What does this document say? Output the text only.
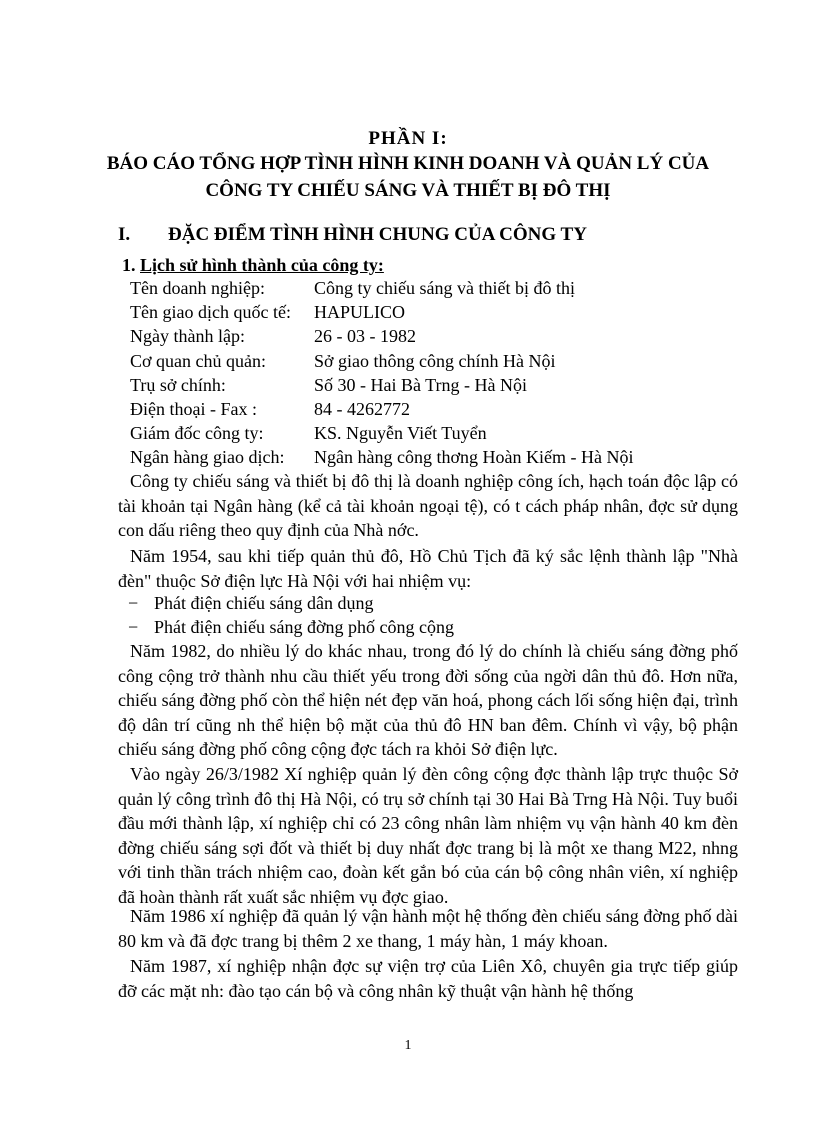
PHẦN I:
BÁO CÁO TỔNG HỢP TÌNH HÌNH KINH DOANH VÀ QUẢN LÝ CỦA
CÔNG TY CHIẾU SÁNG VÀ THIẾT BỊ ĐÔ THỊ
I. ĐẶC ĐIỂM TÌNH HÌNH CHUNG CỦA CÔNG TY
1. Lịch sử hình thành của công ty:
Tên doanh nghiệp:	Công ty chiếu sáng và thiết bị đô thị
Tên giao dịch quốc tế: HAPULICO
Ngày thành lập:	26 - 03 - 1982
Cơ quan chủ quản:	Sở giao thông công chính Hà Nội
Trụ sở chính:	Số 30 - Hai Bà Trng - Hà Nội
Điện thoại - Fax :	84 - 4262772
Giám đốc công ty:	KS. Nguyễn Viết Tuyển
Ngân hàng giao dịch: Ngân hàng công thơng Hoàn Kiếm - Hà Nội
Công ty chiếu sáng và thiết bị đô thị là doanh nghiệp công ích, hạch toán độc lập có tài khoản tại Ngân hàng (kể cả tài khoản ngoại tệ), có t cách pháp nhân, đợc sử dụng con dấu riêng theo quy định của Nhà nớc.
Năm 1954, sau khi tiếp quản thủ đô, Hồ Chủ Tịch đã ký sắc lệnh thành lập "Nhà đèn" thuộc Sở điện lực Hà Nội với hai nhiệm vụ:
− Phát điện chiếu sáng dân dụng
− Phát điện chiếu sáng đờng phố công cộng
Năm 1982, do nhiều lý do khác nhau, trong đó lý do chính là chiếu sáng đờng phố công cộng trở thành nhu cầu thiết yếu trong đời sống của ngời dân thủ đô. Hơn nữa, chiếu sáng đờng phố còn thể hiện nét đẹp văn hoá, phong cách lối sống hiện đại, trình độ dân trí cũng nh thể hiện bộ mặt của thủ đô HN ban đêm. Chính vì vậy, bộ phận chiếu sáng đờng phố công cộng đợc tách ra khỏi Sở điện lực.
Vào ngày 26/3/1982 Xí nghiệp quản lý đèn công cộng đợc thành lập trực thuộc Sở quản lý công trình đô thị Hà Nội, có trụ sở chính tại 30 Hai Bà Trng Hà Nội. Tuy buổi đầu mới thành lập, xí nghiệp chỉ có 23 công nhân làm nhiệm vụ vận hành 40 km đèn đờng chiếu sáng sợi đốt và thiết bị duy nhất đợc trang bị là một xe thang M22, nhng với tinh thần trách nhiệm cao, đoàn kết gắn bó của cán bộ công nhân viên, xí nghiệp đã hoàn thành rất xuất sắc nhiệm vụ đợc giao.
Năm 1986 xí nghiệp đã quản lý vận hành một hệ thống đèn chiếu sáng đờng phố dài 80 km và đã đợc trang bị thêm 2 xe thang, 1 máy hàn, 1 máy khoan.
Năm 1987, xí nghiệp nhận đợc sự viện trợ của Liên Xô, chuyên gia trực tiếp giúp đỡ các mặt nh: đào tạo cán bộ và công nhân kỹ thuật vận hành hệ thống
1
